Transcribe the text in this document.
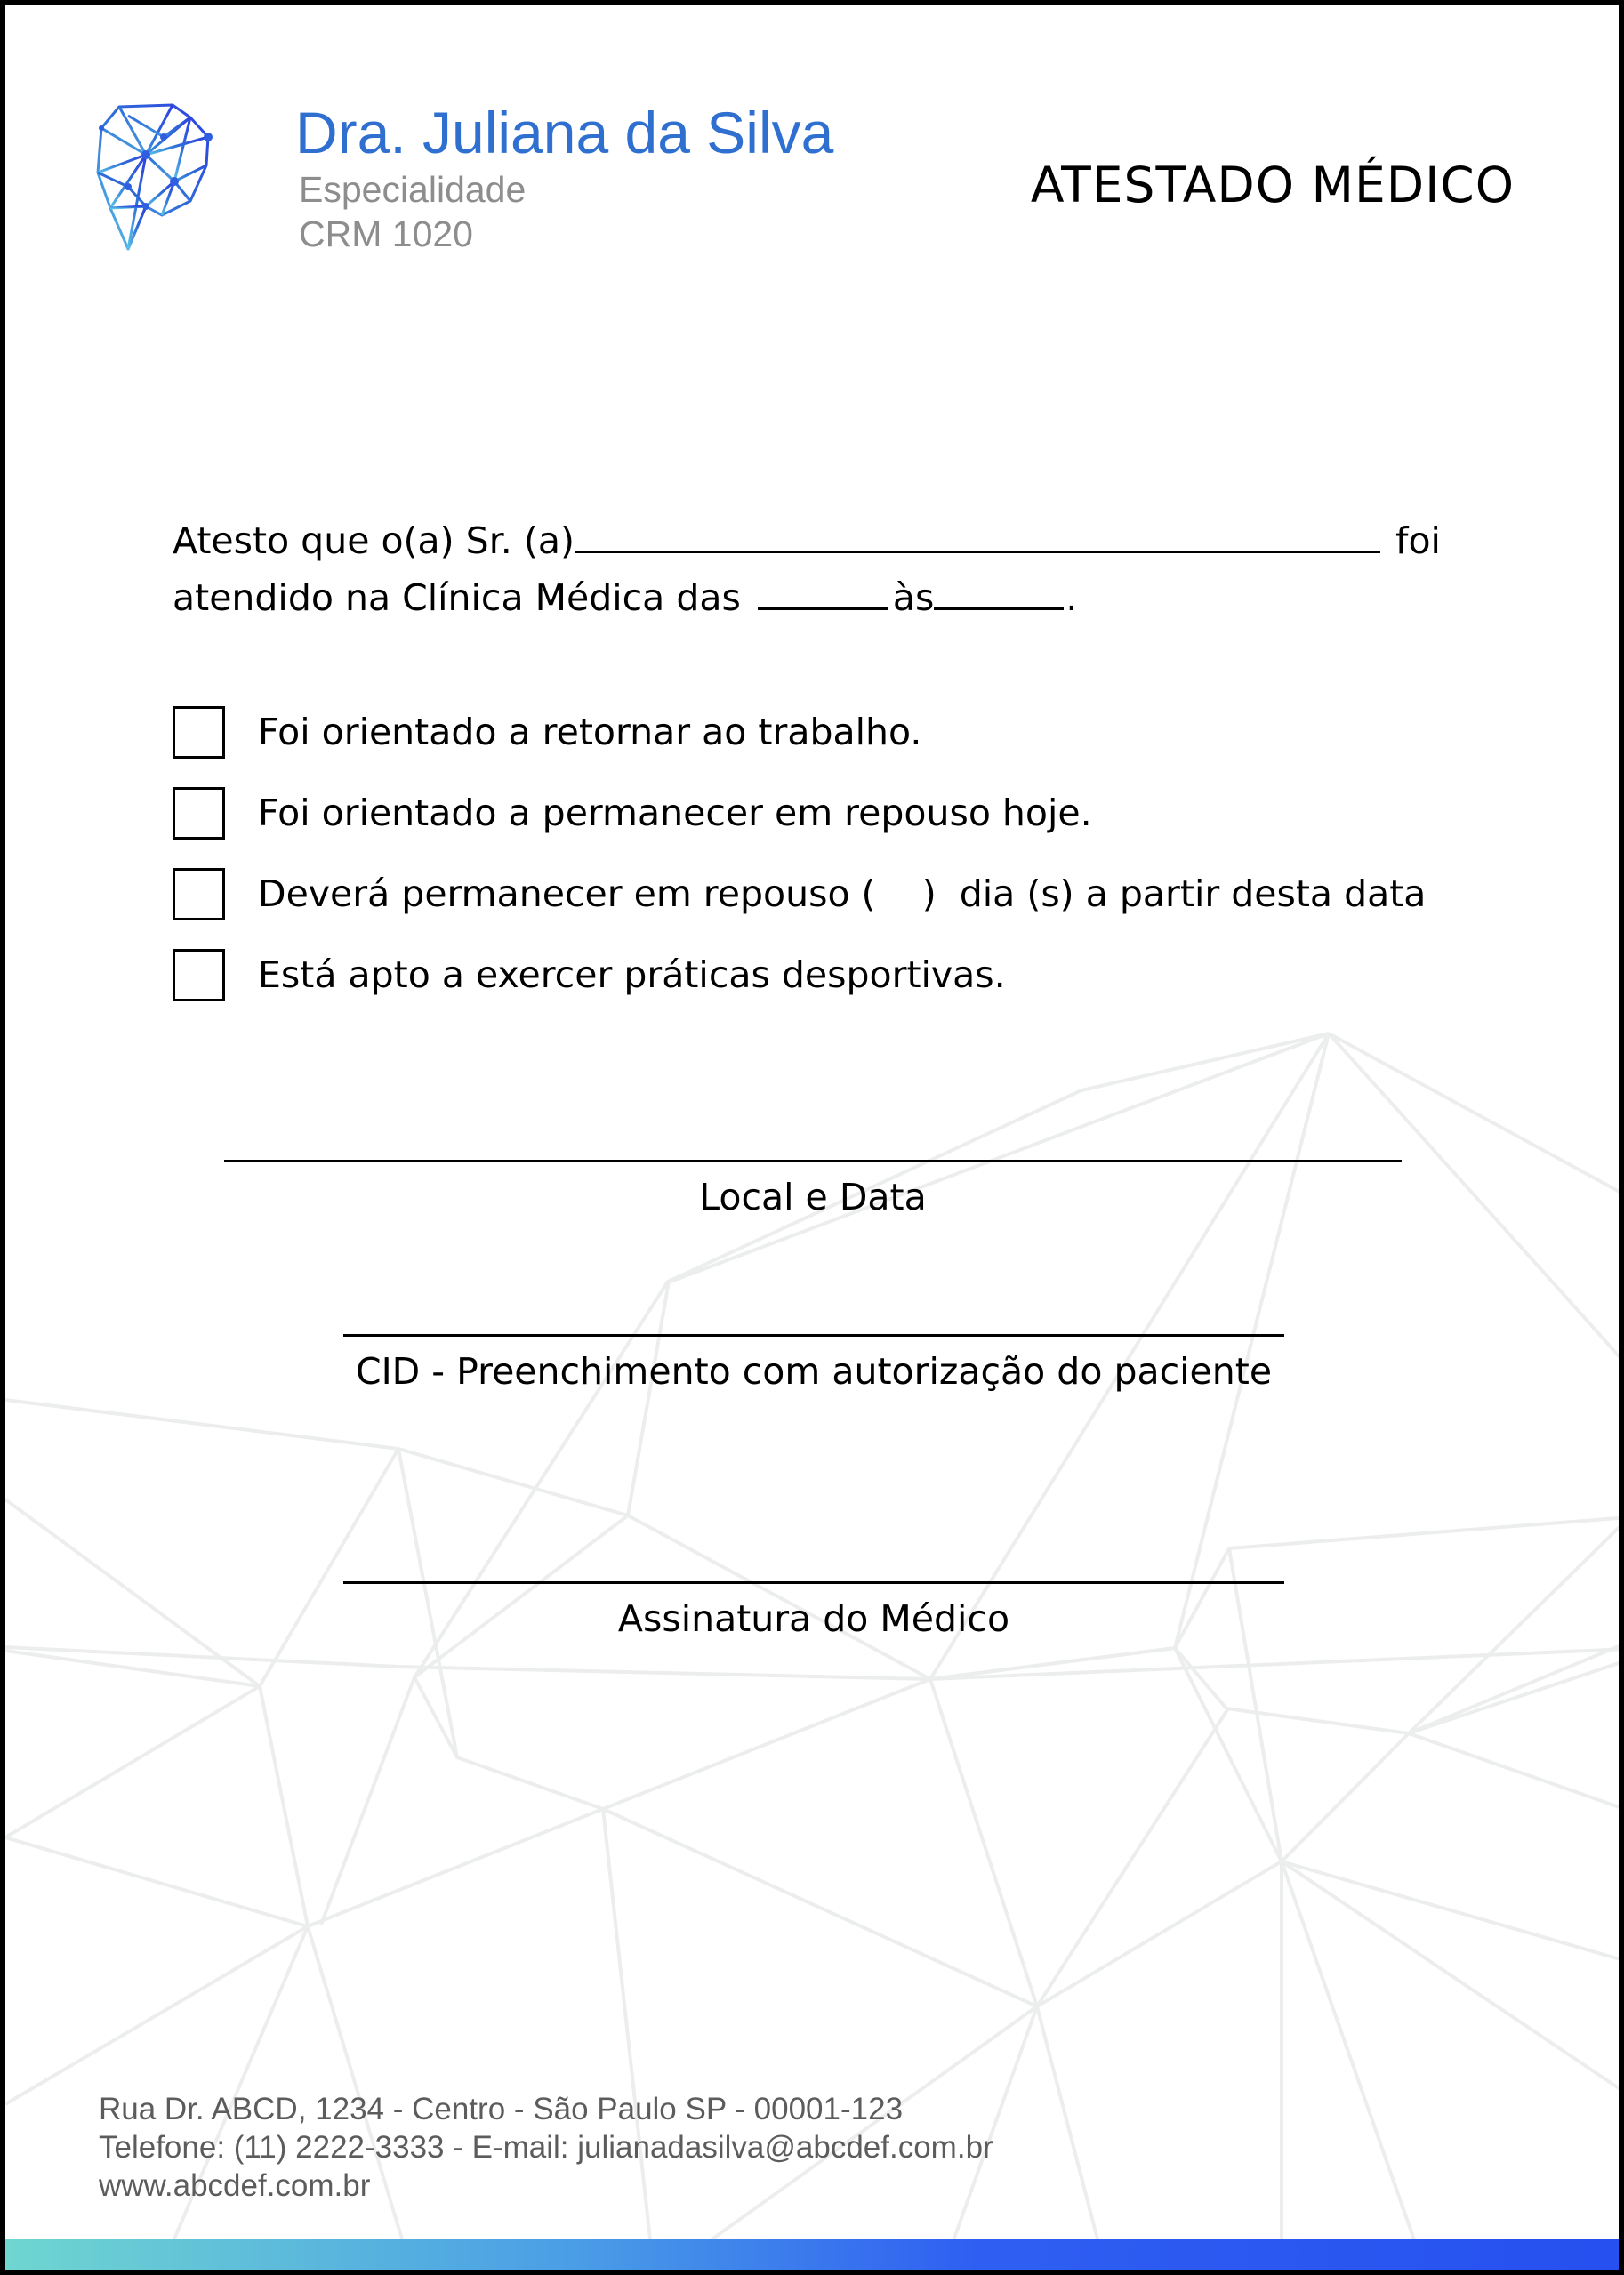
Dra. Juliana da Silva

Especialidade

CRM 1020

ATESTADO MÉDICO

Atesto que o(a) Sr. (a)	foi
atendido na Clínica Médica das	às	.

Foi orientado a retornar ao trabalho.
Foi orientado a permanecer em repouso hoje.
Deverá permanecer em repouso (    )  dia (s) a partir desta data
Está apto a exercer práticas desportivas.

Local e Data

CID - Preenchimento com autorização do paciente

Assinatura do Médico

Rua Dr. ABCD, 1234 - Centro - São Paulo SP - 00001-123

Telefone: (11) 2222-3333 - E-mail: julianadasilva@abcdef.com.br

www.abcdef.com.br
